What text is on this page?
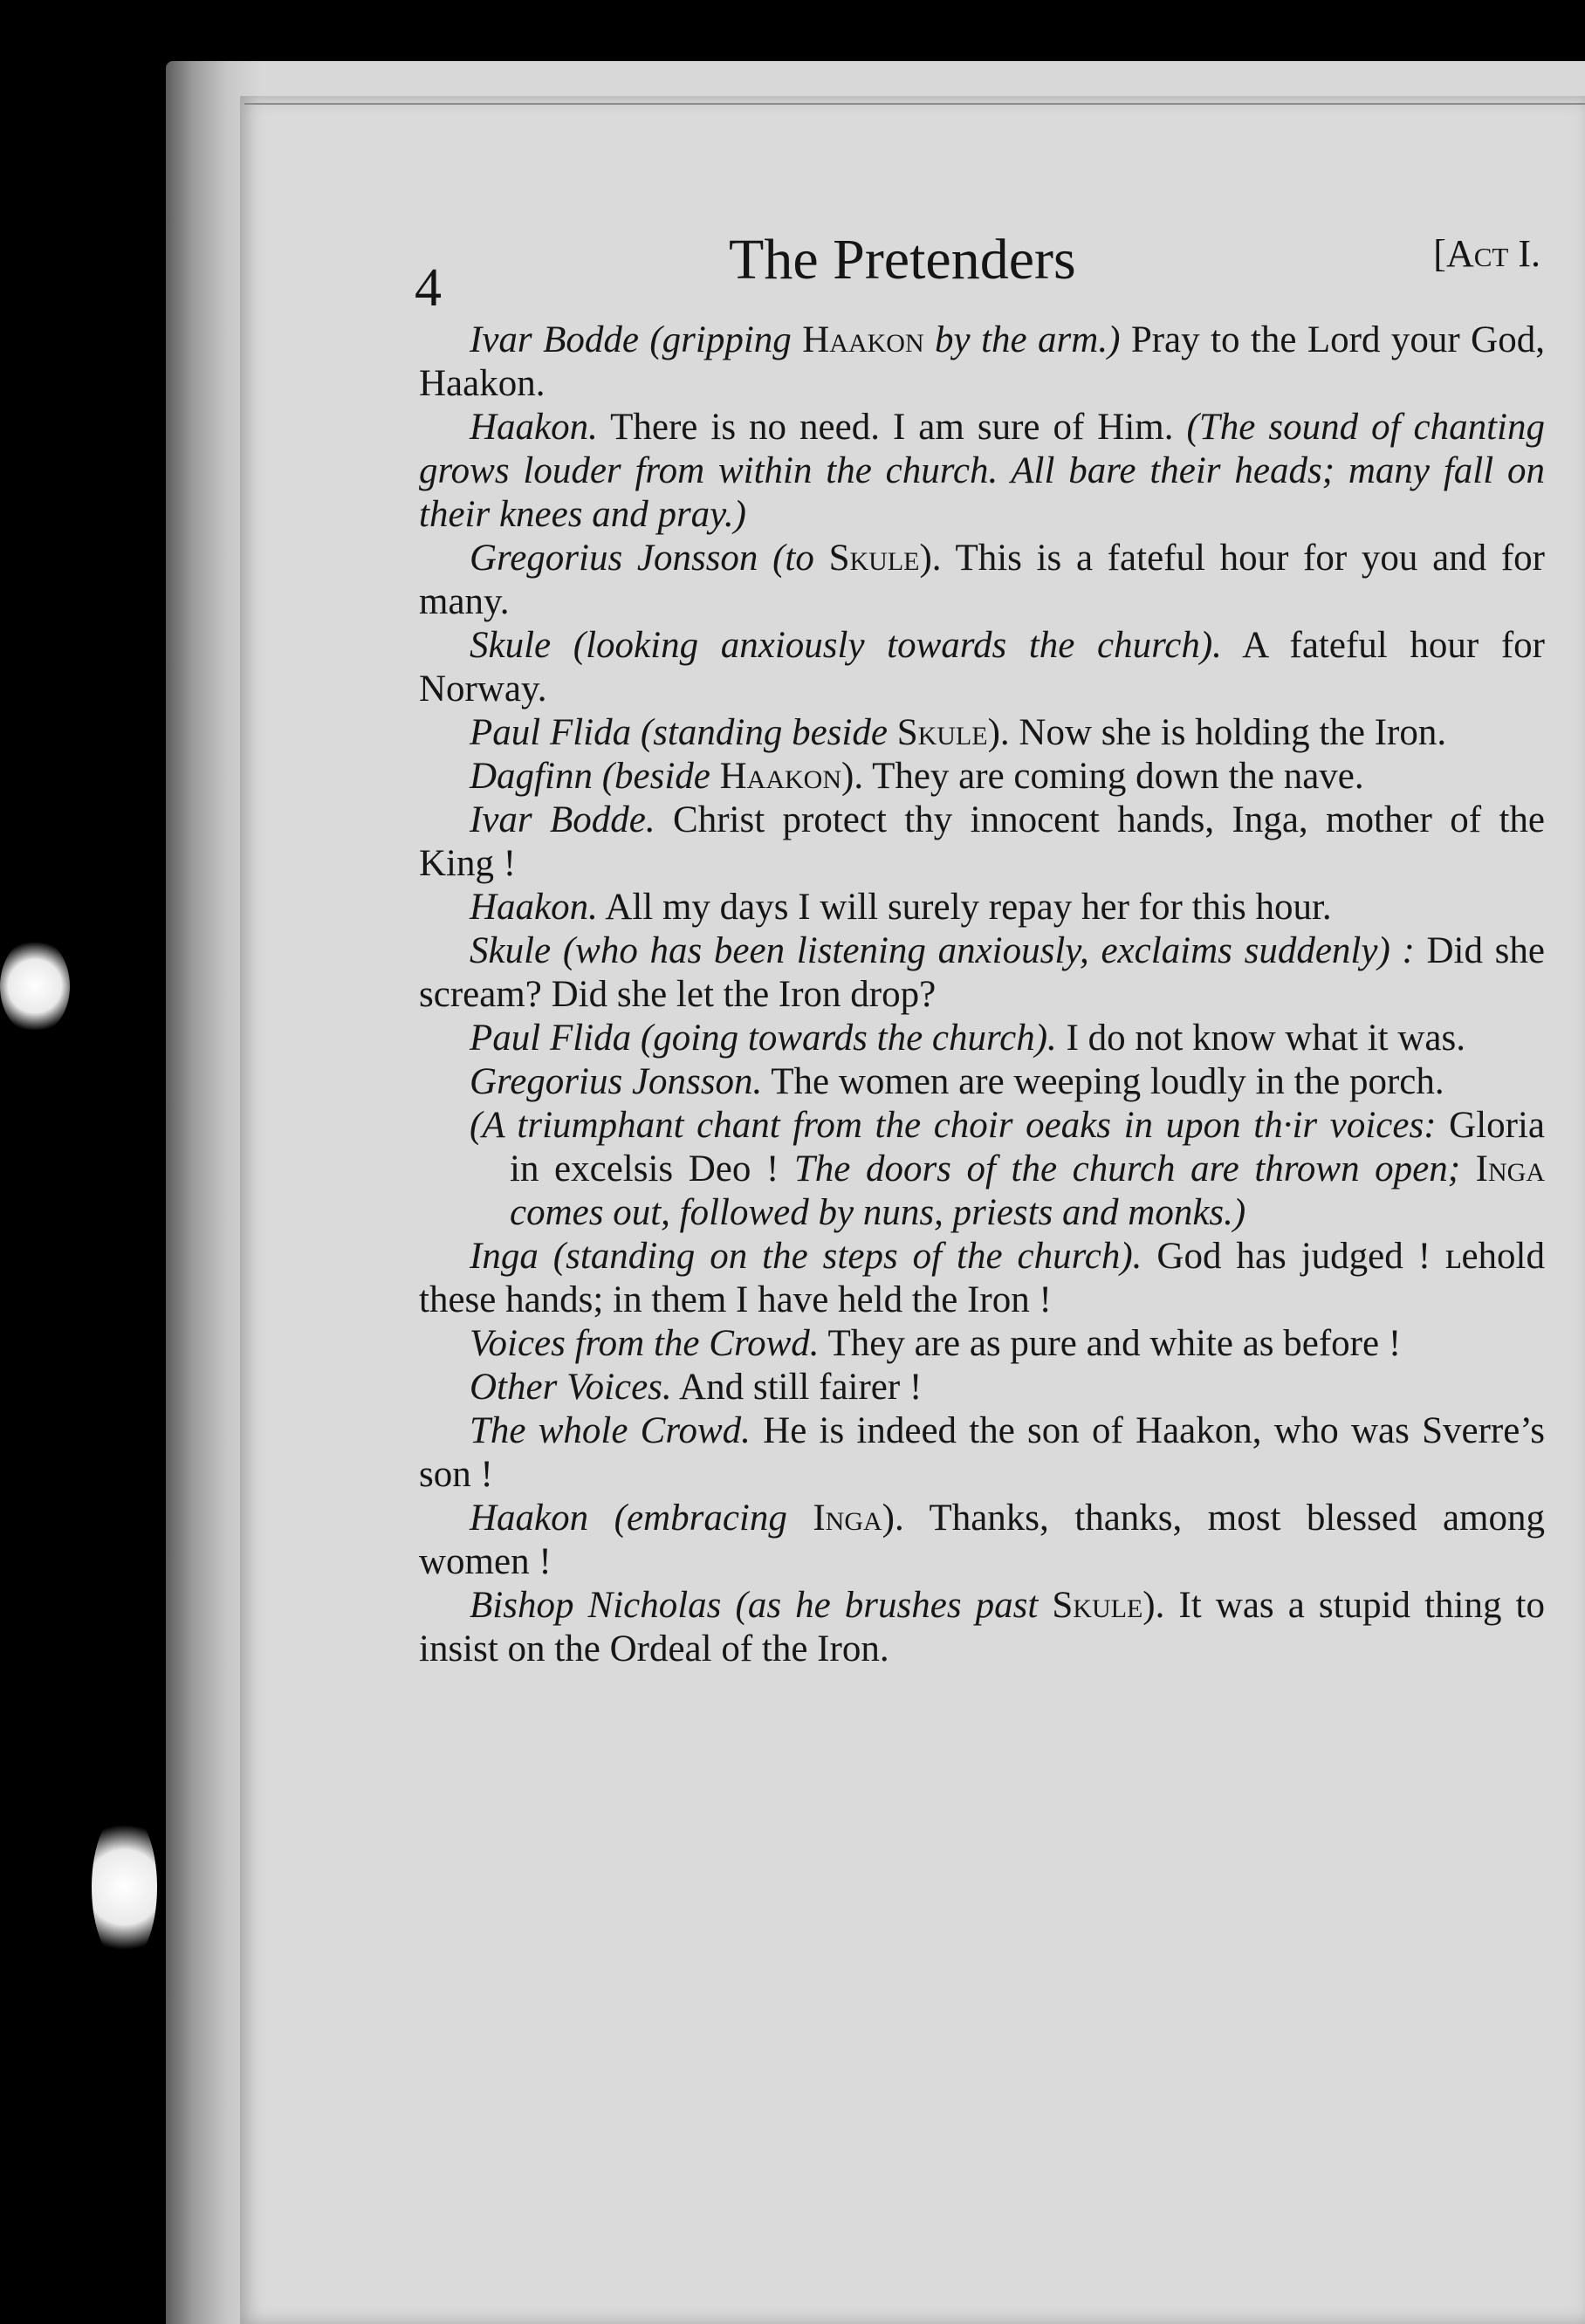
4	The Pretenders	[Act I.

Ivar Bodde (gripping Haakon by the arm.) Pray to the Lord your God, Haakon.

Haakon. There is no need. I am sure of Him. (The sound of chanting grows louder from within the church. All bare their heads; many fall on their knees and pray.)

Gregorius Jonsson (to Skule). This is a fateful hour for you and for many.

Skule (looking anxiously towards the church). A fateful hour for Norway.

Paul Flida (standing beside Skule). Now she is holding the Iron.

Dagfinn (beside Haakon). They are coming down the nave.

Ivar Bodde. Christ protect thy innocent hands, Inga, mother of the King !

Haakon. All my days I will surely repay her for this hour.

Skule (who has been listening anxiously, exclaims suddenly) : Did she scream? Did she let the Iron drop?

Paul Flida (going towards the church). I do not know what it was.

Gregorius Jonsson. The women are weeping loudly in the porch.

(A triumphant chant from the choir ᴏeaks in upon th·ir voices: Gloria in excelsis Deo ! The doors of the church are thrown open; Inga comes out, followed by nuns, priests and monks.)

Inga (standing on the steps of the church). God has judged ! ʟehold these hands; in them I have held the Iron !

Voices from the Crowd. They are as pure and white as before !

Other Voices. And still fairer !

The whole Crowd. He is indeed the son of Haakon, who was Sverre’s son !

Haakon (embracing Inga). Thanks, thanks, most blessed among women !

Bishop Nicholas (as he brushes past Skule). It was a stupid thing to insist on the Ordeal of the Iron.
